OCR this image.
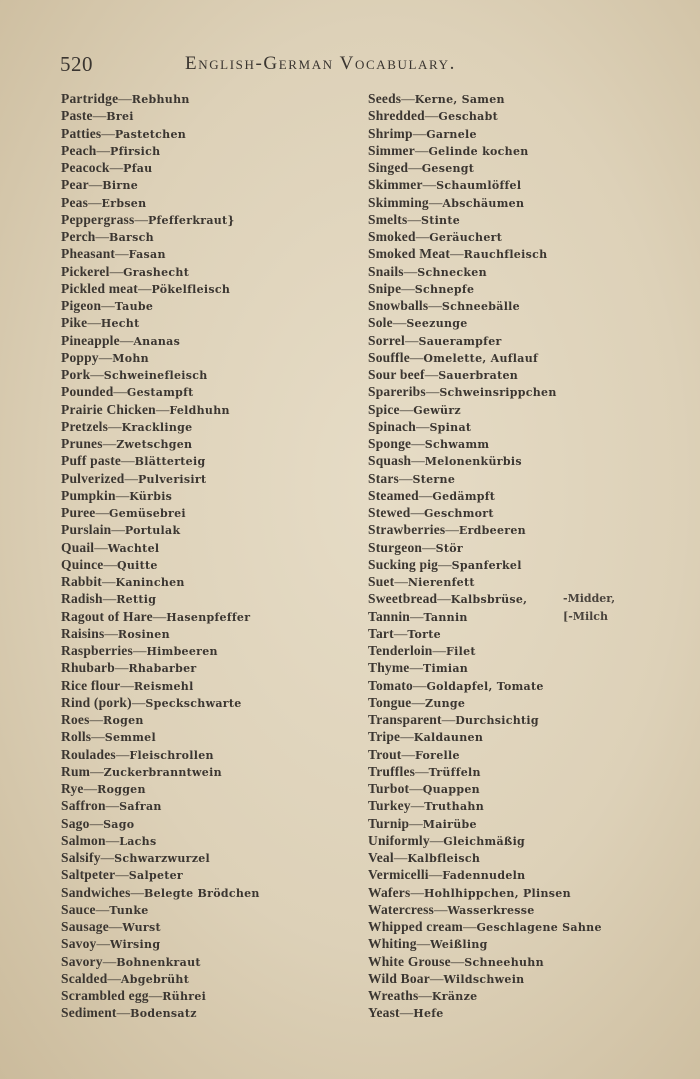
520	English-German Vocabulary.
Partridge—Rebhuhn
Paste—Brei
Patties—Pastetchen
Peach—Pfirsich
Peacock—Pfau
Pear—Birne
Peas—Erbsen
Peppergrass—Pfefferkraut}
Perch—Barsch
Pheasant—Fasan
Pickerel—Grashecht
Pickled meat—Pökelfleisch
Pigeon—Taube
Pike—Hecht
Pineapple—Ananas
Poppy—Mohn
Pork—Schweinefleisch
Pounded—Gestampft
Prairie Chicken—Feldhuhn
Pretzels—Kracklinge
Prunes—Zwetschgen
Puff paste—Blätterteig
Pulverized—Pulverisirt
Pumpkin—Kürbis
Puree—Gemüsebrei
Purslain—Portulak
Quail—Wachtel
Quince—Quitte
Rabbit—Kaninchen
Radish—Rettig
Ragout of Hare—Hasenpfeffer
Raisins—Rosinen
Raspberries—Himbeeren
Rhubarb—Rhabarber
Rice flour—Reismehl
Rind (pork)—Speckschwarte
Roes—Rogen
Rolls—Semmel
Roulades—Fleischrollen
Rum—Zuckerbranntwein
Rye—Roggen
Saffron—Safran
Sago—Sago
Salmon—Lachs
Salsify—Schwarzwurzel
Saltpeter—Salpeter
Sandwiches—Belegte Brödchen
Sauce—Tunke
Sausage—Wurst
Savoy—Wirsing
Savory—Bohnenkraut
Scalded—Abgebrüht
Scrambled egg—Rührei
Sediment—Bodensatz
Seeds—Kerne, Samen
Shredded—Geschabt
Shrimp—Garnele
Simmer—Gelinde kochen
Singed—Gesengt
Skimmer—Schaumlöffel
Skimming—Abschäumen
Smelts—Stinte
Smoked—Geräuchert
Smoked Meat—Rauchfleisch
Snails—Schnecken
Snipe—Schnepfe
Snowballs—Schneebälle
Sole—Seezunge
Sorrel—Sauerampfer
Souffle—Omelette, Auflauf
Sour beef—Sauerbraten
Spareribs—Schweinsrippchen
Spice—Gewürz
Spinach—Spinat
Sponge—Schwamm
Squash—Melonenkürbis
Stars—Sterne
Steamed—Gedämpft
Stewed—Geschmort
Strawberries—Erdbeeren
Sturgeon—Stör
Sucking pig—Spanferkel
Suet—Nierenfett
Sweetbread—Kalbsbrüse,	-Midder,
Tannin—Tannin	[-Milch
Tart—Torte
Tenderloin—Filet
Thyme—Timian
Tomato—Goldapfel, Tomate
Tongue—Zunge
Transparent—Durchsichtig
Tripe—Kaldaunen
Trout—Forelle
Truffles—Trüffeln
Turbot—Quappen
Turkey—Truthahn
Turnip—Mairübe
Uniformly—Gleichmäßig
Veal—Kalbfleisch
Vermicelli—Fadennudeln
Wafers—Hohlhippchen, Plinsen
Watercress—Wasserkresse
Whipped cream—Geschlagene Sahne
Whiting—Weißling
White Grouse—Schneehuhn
Wild Boar—Wildschwein
Wreaths—Kränze
Yeast—Hefe
